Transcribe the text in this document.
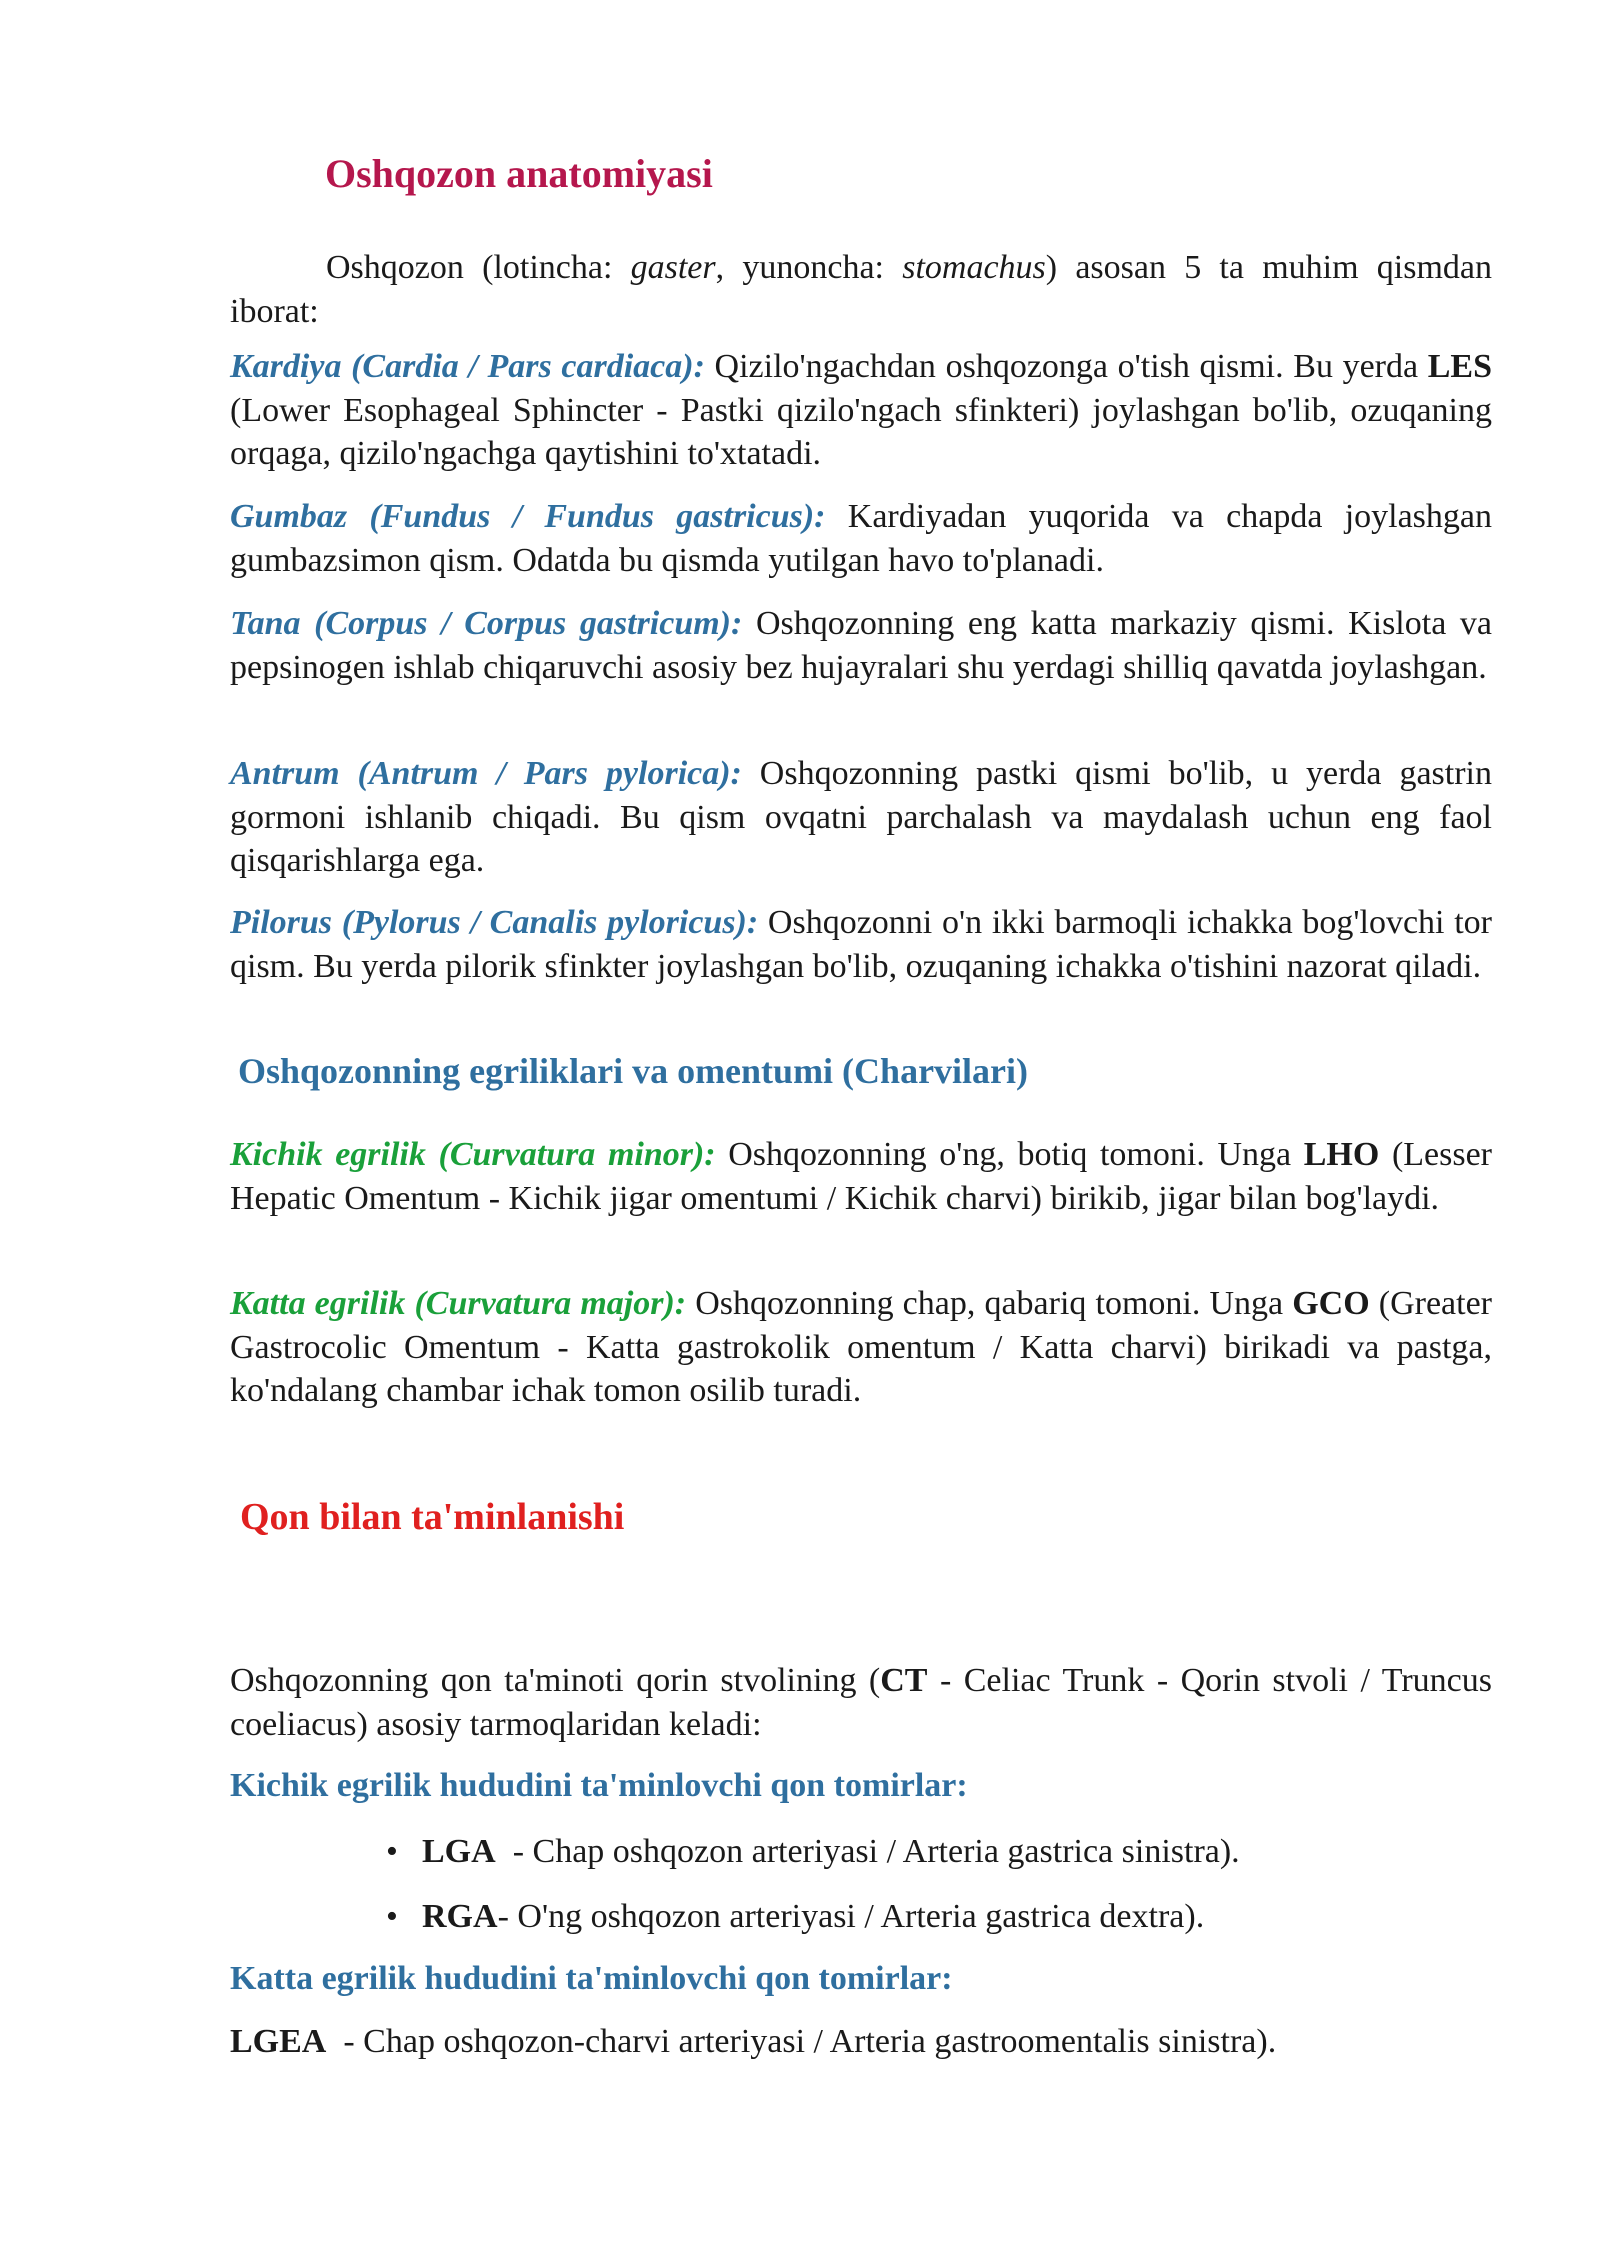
Oshqozon anatomiyasi

Oshqozon (lotincha: gaster, yunoncha: stomachus) asosan 5 ta muhim qismdan iborat:

Kardiya (Cardia / Pars cardiaca): Qizilo'ngachdan oshqozonga o'tish qismi. Bu yerda LES (Lower Esophageal Sphincter - Pastki qizilo'ngach sfinkteri) joylashgan bo'lib, ozuqaning orqaga, qizilo'ngachga qaytishini to'xtatadi.

Gumbaz (Fundus / Fundus gastricus): Kardiyadan yuqorida va chapda joylashgan gumbazsimon qism. Odatda bu qismda yutilgan havo to'planadi.

Tana (Corpus / Corpus gastricum): Oshqozonning eng katta markaziy qismi. Kislota va pepsinogen ishlab chiqaruvchi asosiy bez hujayralari shu yerdagi shilliq qavatda joylashgan.

Antrum (Antrum / Pars pylorica): Oshqozonning pastki qismi bo'lib, u yerda gastrin gormoni ishlanib chiqadi. Bu qism ovqatni parchalash va maydalash uchun eng faol qisqarishlarga ega.

Pilorus (Pylorus / Canalis pyloricus): Oshqozonni o'n ikki barmoqli ichakka bog'lovchi tor qism. Bu yerda pilorik sfinkter joylashgan bo'lib, ozuqaning ichakka o'tishini nazorat qiladi.

Oshqozonning egriliklari va omentumi (Charvilari)

Kichik egrilik (Curvatura minor): Oshqozonning o'ng, botiq tomoni. Unga LHO (Lesser Hepatic Omentum - Kichik jigar omentumi / Kichik charvi) birikib, jigar bilan bog'laydi.

Katta egrilik (Curvatura major): Oshqozonning chap, qabariq tomoni. Unga GCO (Greater Gastrocolic Omentum - Katta gastrokolik omentum / Katta charvi) birikadi va pastga, ko'ndalang chambar ichak tomon osilib turadi.

Qon bilan ta'minlanishi

Oshqozonning qon ta'minoti qorin stvolining (CT - Celiac Trunk - Qorin stvoli / Truncus coeliacus) asosiy tarmoqlaridan keladi:

Kichik egrilik hududini ta'minlovchi qon tomirlar:
• LGA  - Chap oshqozon arteriyasi / Arteria gastrica sinistra).
• RGA- O'ng oshqozon arteriyasi / Arteria gastrica dextra).
Katta egrilik hududini ta'minlovchi qon tomirlar:

LGEA  - Chap oshqozon-charvi arteriyasi / Arteria gastroomentalis sinistra).
